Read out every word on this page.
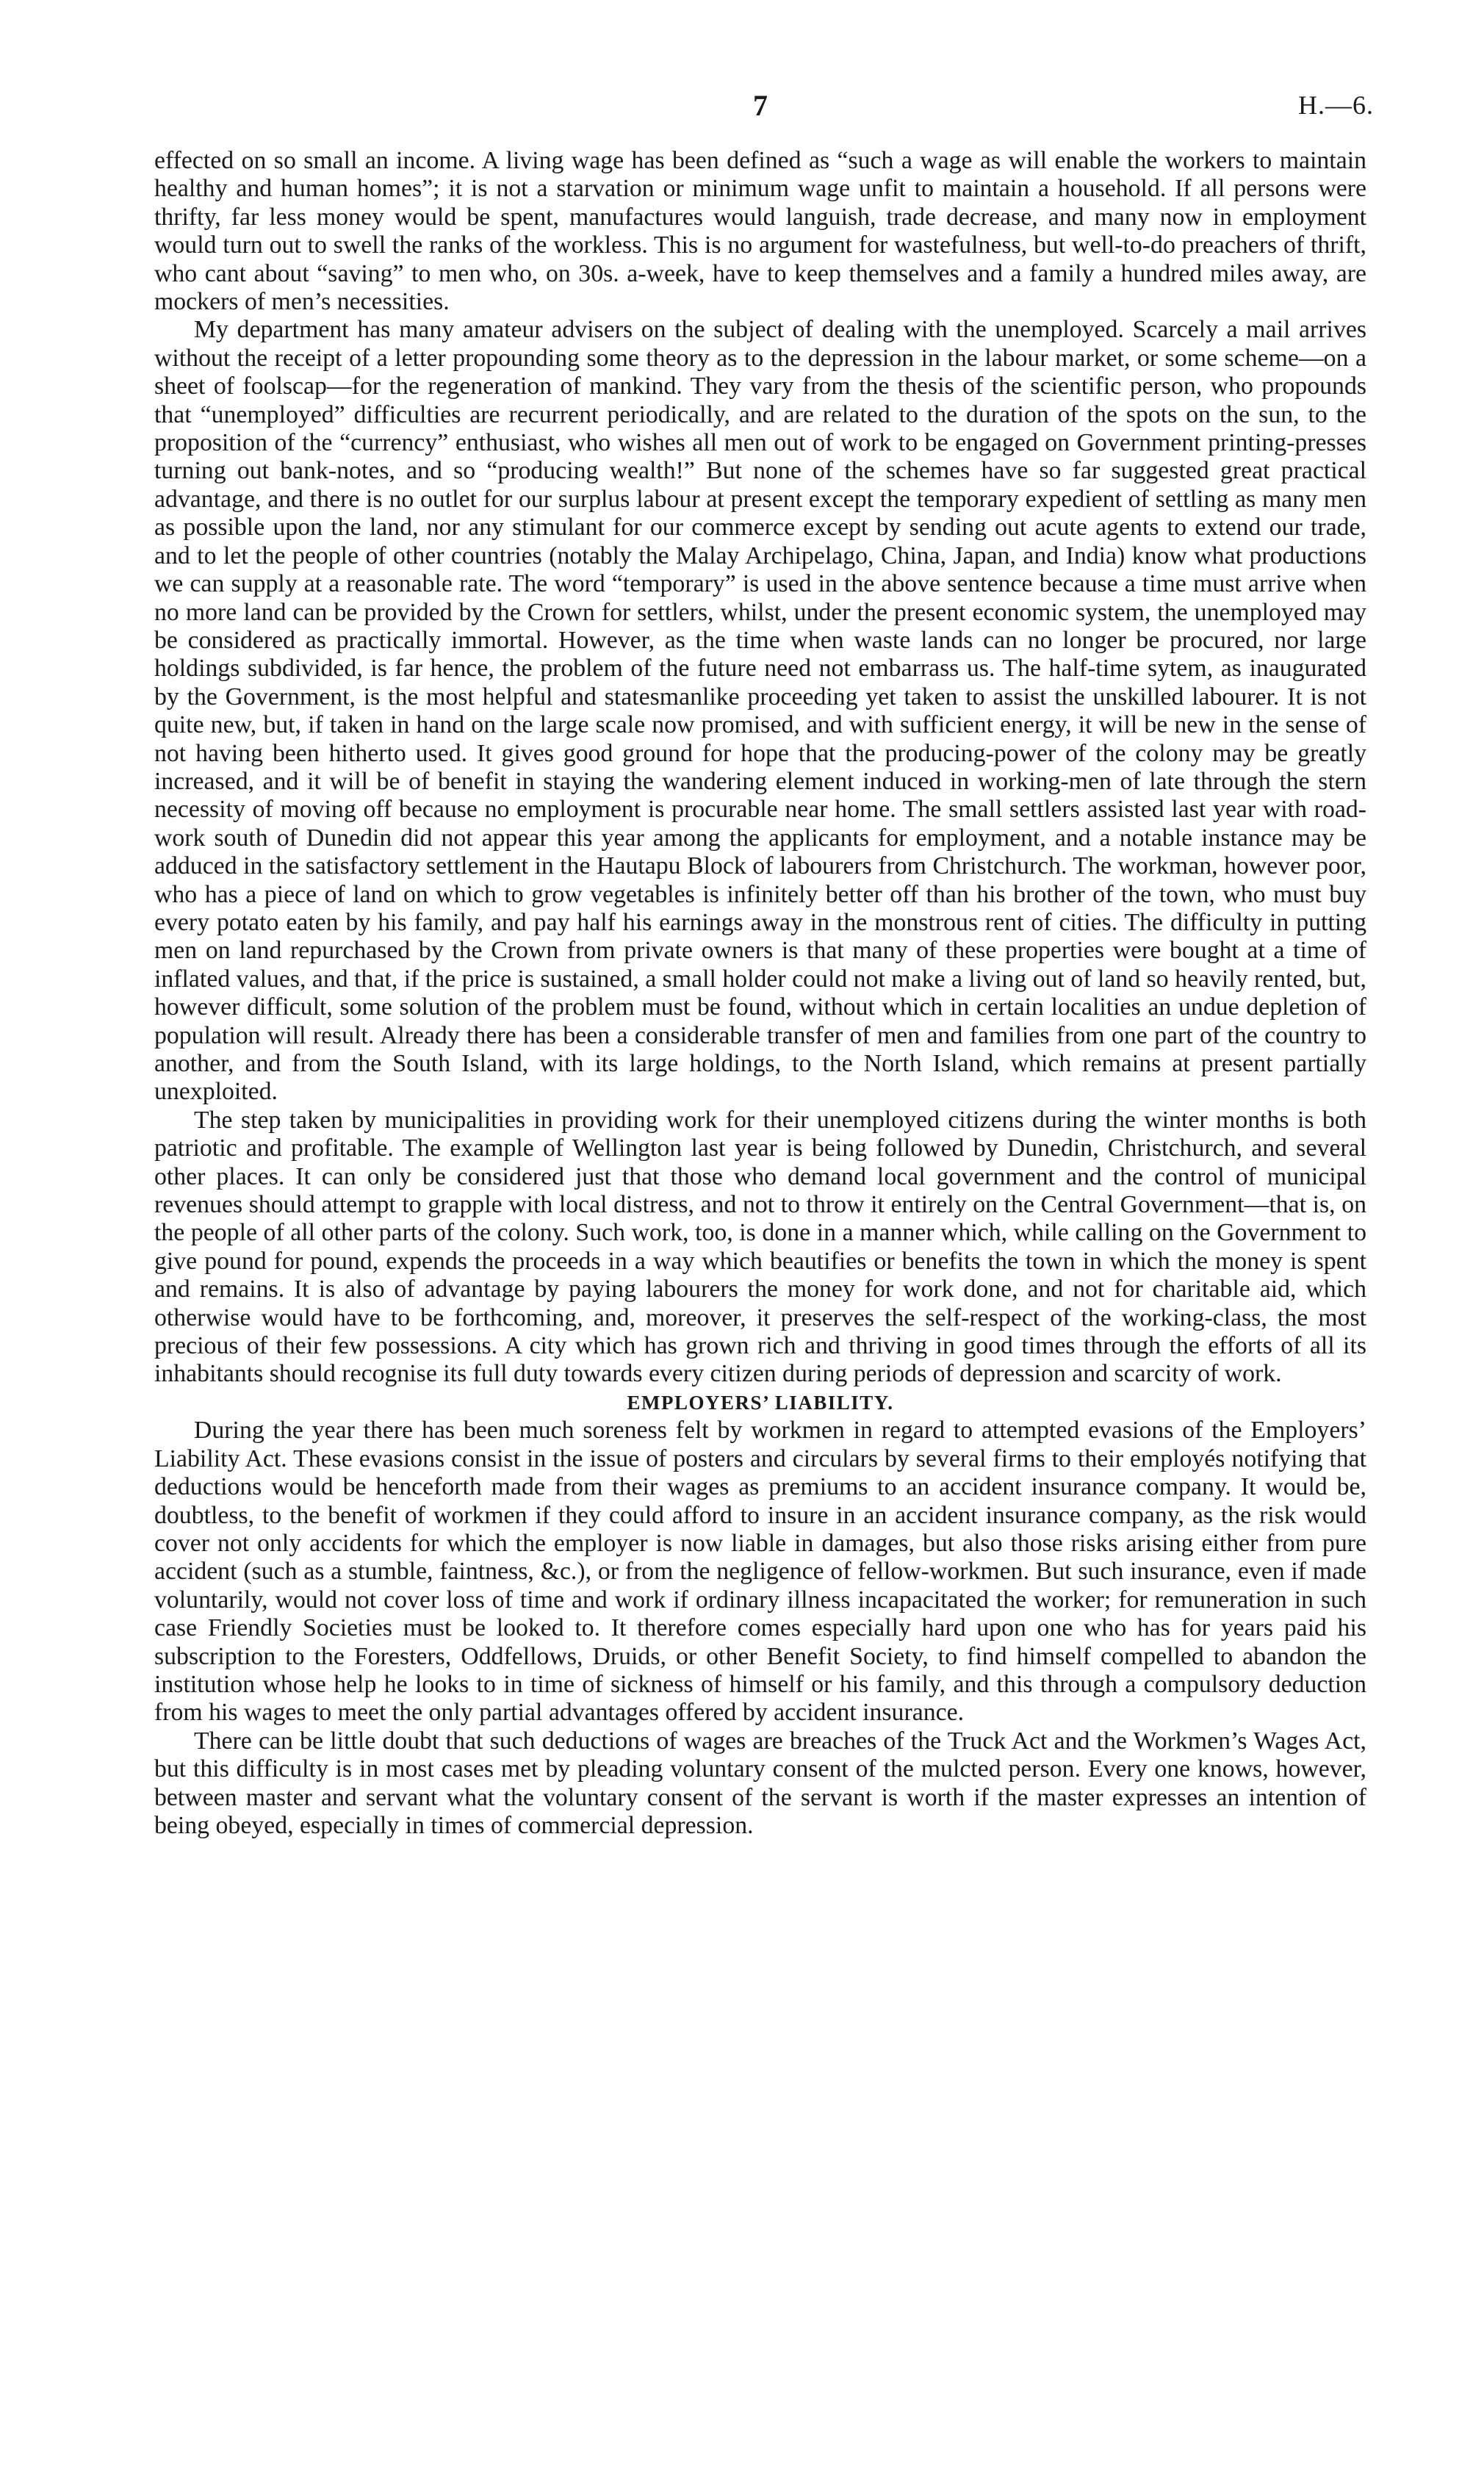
7	H.—6.

effected on so small an income. A living wage has been defined as “such a wage as will enable the workers to maintain healthy and human homes”; it is not a starvation or minimum wage unfit to maintain a household. If all persons were thrifty, far less money would be spent, manufactures would languish, trade decrease, and many now in employment would turn out to swell the ranks of the workless. This is no argument for wastefulness, but well-to-do preachers of thrift, who cant about “saving” to men who, on 30s. a-week, have to keep themselves and a family a hundred miles away, are mockers of men’s necessities.

My department has many amateur advisers on the subject of dealing with the unemployed. Scarcely a mail arrives without the receipt of a letter propounding some theory as to the depression in the labour market, or some scheme—on a sheet of foolscap—for the regeneration of mankind. They vary from the thesis of the scientific person, who propounds that “unemployed” difficulties are recurrent periodically, and are related to the duration of the spots on the sun, to the proposition of the “currency” enthusiast, who wishes all men out of work to be engaged on Government printing-presses turning out bank-notes, and so “producing wealth!” But none of the schemes have so far suggested great practical advantage, and there is no outlet for our surplus labour at present except the temporary expedient of settling as many men as possible upon the land, nor any stimulant for our commerce except by sending out acute agents to extend our trade, and to let the people of other countries (notably the Malay Archipelago, China, Japan, and India) know what productions we can supply at a reasonable rate. The word “temporary” is used in the above sentence because a time must arrive when no more land can be provided by the Crown for settlers, whilst, under the present economic system, the unemployed may be considered as practically immortal. However, as the time when waste lands can no longer be procured, nor large holdings subdivided, is far hence, the problem of the future need not embarrass us. The half-time sytem, as inaugurated by the Government, is the most helpful and statesmanlike proceeding yet taken to assist the unskilled labourer. It is not quite new, but, if taken in hand on the large scale now promised, and with sufficient energy, it will be new in the sense of not having been hitherto used. It gives good ground for hope that the producing-power of the colony may be greatly increased, and it will be of benefit in staying the wandering element induced in working-men of late through the stern necessity of moving off because no employment is procurable near home. The small settlers assisted last year with road-work south of Dunedin did not appear this year among the applicants for employment, and a notable instance may be adduced in the satisfactory settlement in the Hautapu Block of labourers from Christchurch. The workman, however poor, who has a piece of land on which to grow vegetables is infinitely better off than his brother of the town, who must buy every potato eaten by his family, and pay half his earnings away in the monstrous rent of cities. The difficulty in putting men on land repurchased by the Crown from private owners is that many of these properties were bought at a time of inflated values, and that, if the price is sustained, a small holder could not make a living out of land so heavily rented, but, however difficult, some solution of the problem must be found, without which in certain localities an undue depletion of population will result. Already there has been a considerable transfer of men and families from one part of the country to another, and from the South Island, with its large holdings, to the North Island, which remains at present partially unexploited.

The step taken by municipalities in providing work for their unemployed citizens during the winter months is both patriotic and profitable. The example of Wellington last year is being followed by Dunedin, Christchurch, and several other places. It can only be considered just that those who demand local government and the control of municipal revenues should attempt to grapple with local distress, and not to throw it entirely on the Central Government—that is, on the people of all other parts of the colony. Such work, too, is done in a manner which, while calling on the Government to give pound for pound, expends the proceeds in a way which beautifies or benefits the town in which the money is spent and remains. It is also of advantage by paying labourers the money for work done, and not for charitable aid, which otherwise would have to be forthcoming, and, moreover, it preserves the self-respect of the working-class, the most precious of their few possessions. A city which has grown rich and thriving in good times through the efforts of all its inhabitants should recognise its full duty towards every citizen during periods of depression and scarcity of work.

EMPLOYERS’ LIABILITY.

During the year there has been much soreness felt by workmen in regard to attempted evasions of the Employers’ Liability Act. These evasions consist in the issue of posters and circulars by several firms to their employés notifying that deductions would be henceforth made from their wages as premiums to an accident insurance company. It would be, doubtless, to the benefit of workmen if they could afford to insure in an accident insurance company, as the risk would cover not only accidents for which the employer is now liable in damages, but also those risks arising either from pure accident (such as a stumble, faintness, &c.), or from the negligence of fellow-workmen. But such insurance, even if made voluntarily, would not cover loss of time and work if ordinary illness incapacitated the worker; for remuneration in such case Friendly Societies must be looked to. It therefore comes especially hard upon one who has for years paid his subscription to the Foresters, Oddfellows, Druids, or other Benefit Society, to find himself compelled to abandon the institution whose help he looks to in time of sickness of himself or his family, and this through a compulsory deduction from his wages to meet the only partial advantages offered by accident insurance.

There can be little doubt that such deductions of wages are breaches of the Truck Act and the Workmen’s Wages Act, but this difficulty is in most cases met by pleading voluntary consent of the mulcted person. Every one knows, however, between master and servant what the voluntary consent of the servant is worth if the master expresses an intention of being obeyed, especially in times of commercial depression.
